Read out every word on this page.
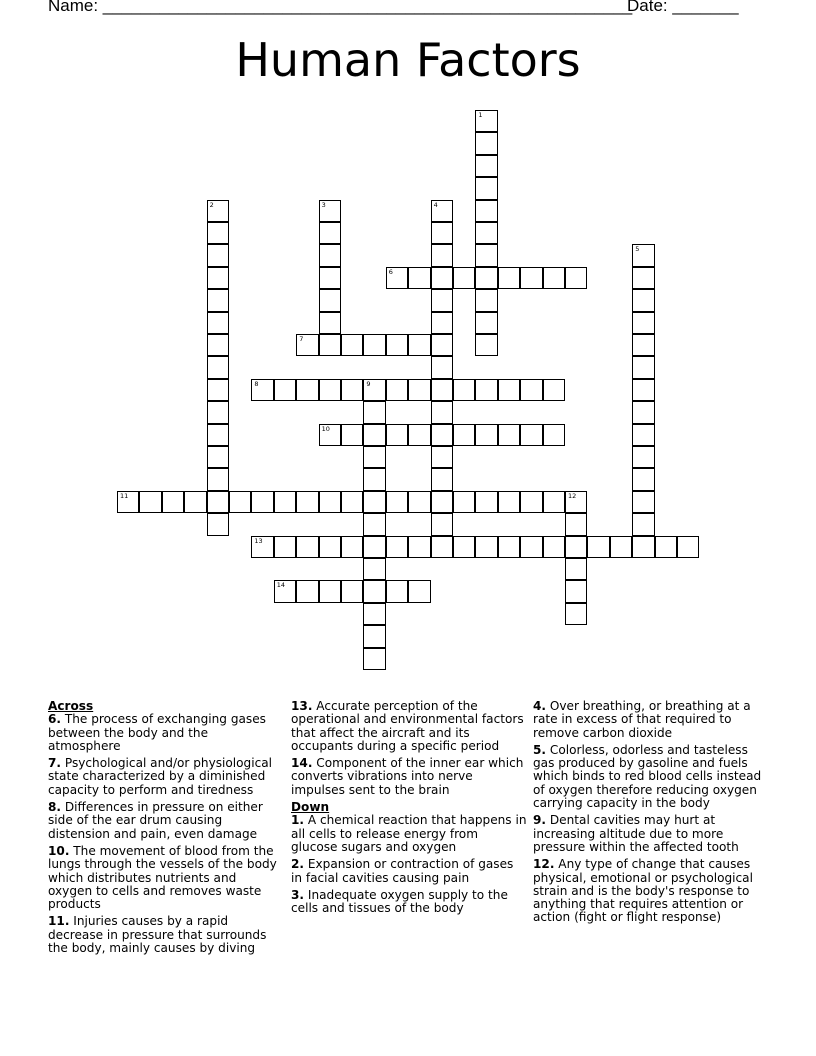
Name: ________________________________________________________
Date: _______
Human Factors
1
2	3	4
5
6
7
8	9
10
11	12
13
14
Across
6. The process of exchanging gases between the body and the atmosphere
7. Psychological and/or physiological state characterized by a diminished capacity to perform and tiredness
8. Differences in pressure on either side of the ear drum causing distension and pain, even damage
10. The movement of blood from the lungs through the vessels of the body which distributes nutrients and oxygen to cells and removes waste products
11. Injuries causes by a rapid decrease in pressure that surrounds the body, mainly causes by diving
13. Accurate perception of the operational and environmental factors that affect the aircraft and its occupants during a specific period
14. Component of the inner ear which converts vibrations into nerve impulses sent to the brain
Down
1. A chemical reaction that happens in all cells to release energy from glucose sugars and oxygen
2. Expansion or contraction of gases in facial cavities causing pain
3. Inadequate oxygen supply to the cells and tissues of the body
4. Over breathing, or breathing at a rate in excess of that required to remove carbon dioxide
5. Colorless, odorless and tasteless gas produced by gasoline and fuels which binds to red blood cells instead of oxygen therefore reducing oxygen carrying capacity in the body
9. Dental cavities may hurt at increasing altitude due to more pressure within the affected tooth
12. Any type of change that causes physical, emotional or psychological strain and is the body's response to anything that requires attention or action (fight or flight response)
